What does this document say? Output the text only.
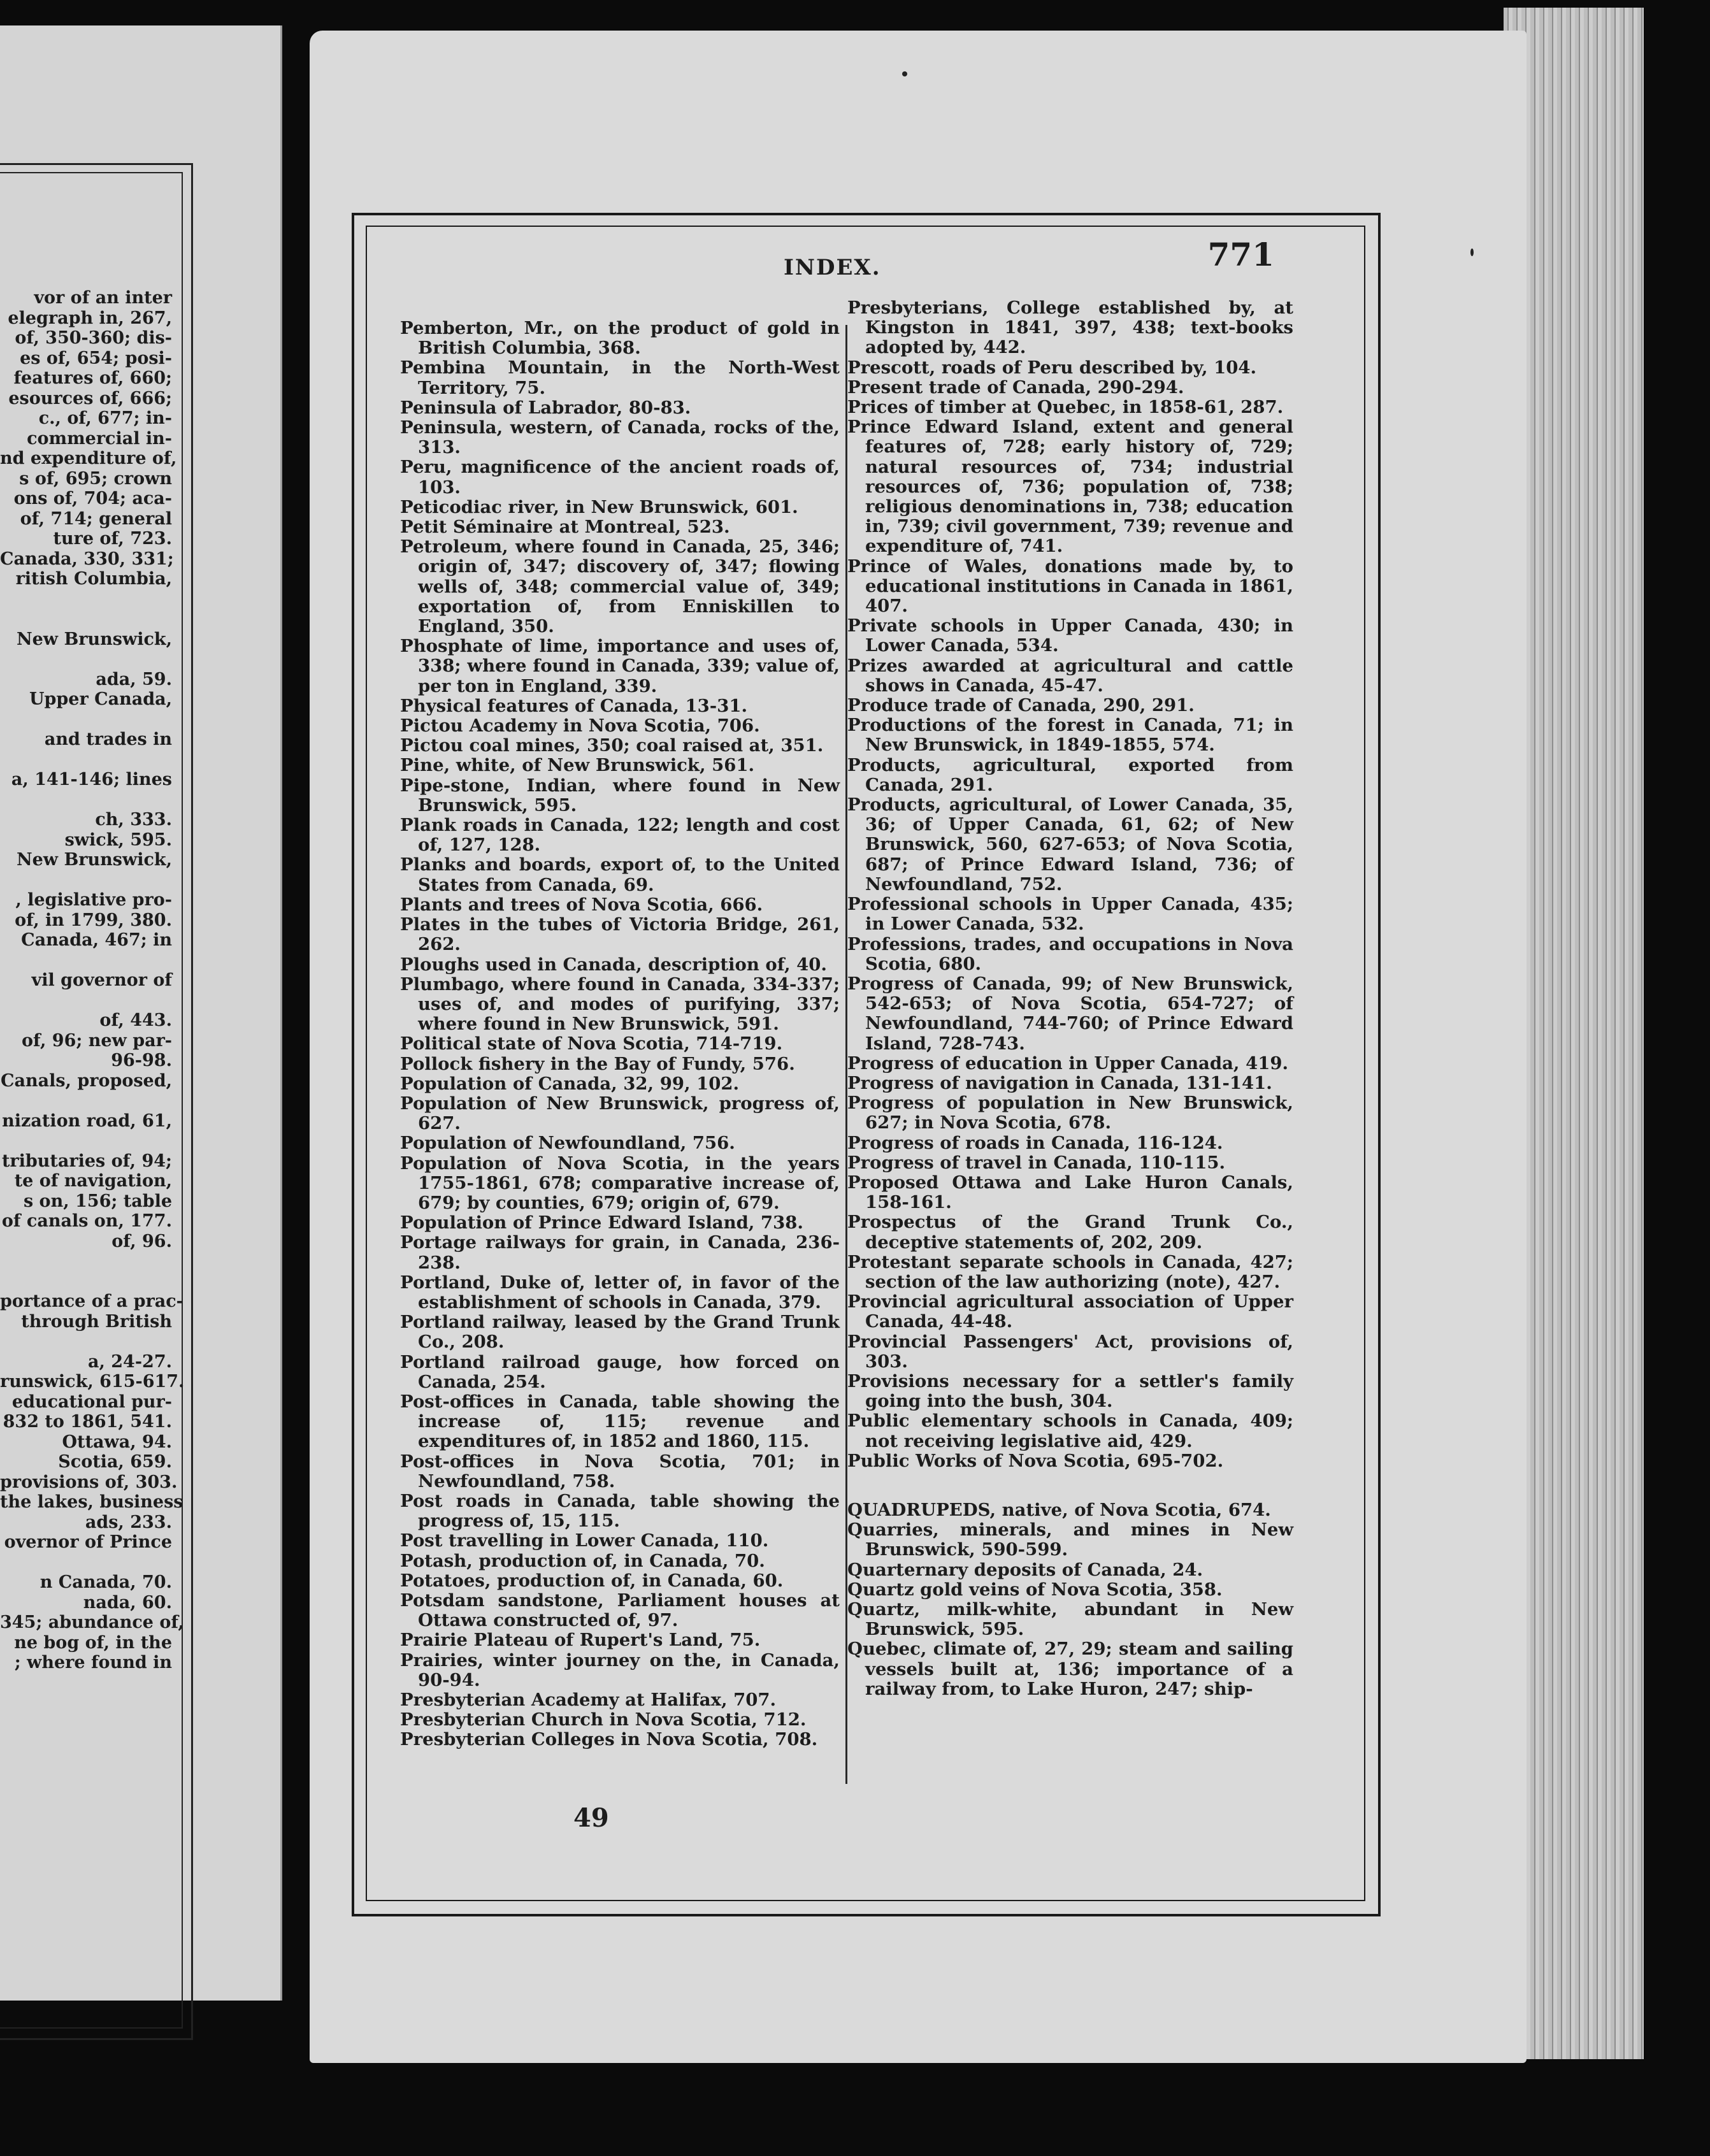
vor of an inter
elegraph in, 267,
of, 350-360; dis-
es of, 654; posi-
features of, 660;
esources of, 666;
c., of, 677; in-
commercial in-
nd expenditure of,
s of, 695; crown
ons of, 704; aca-
of, 714; general
ture of, 723.
Canada, 330, 331;
ritish Columbia,

New Brunswick,

ada, 59.
Upper Canada,

and trades in

a, 141-146; lines

ch, 333.
swick, 595.
New Brunswick,

, legislative pro-
of, in 1799, 380.
Canada, 467; in

vil governor of

of, 443.
of, 96; new par-
96-98.
Canals, proposed,

nization road, 61,

tributaries of, 94;
te of navigation,
s on, 156; table
of canals on, 177.
of, 96.

portance of a prac-
through British

a, 24-27.
runswick, 615-617.
educational pur-
832 to 1861, 541.
Ottawa, 94.
Scotia, 659.
provisions of, 303.
the lakes, business
ads, 233.
overnor of Prince

n Canada, 70.
nada, 60.
345; abundance of,
ne bog of, in the
; where found in
INDEX.	771
Pemberton, Mr., on the product of gold in British Columbia, 368.
Pembina Mountain, in the North-West Territory, 75.
Peninsula of Labrador, 80-83.
Peninsula, western, of Canada, rocks of the, 313.
Peru, magnificence of the ancient roads of, 103.
Peticodiac river, in New Brunswick, 601.
Petit Séminaire at Montreal, 523.
Petroleum, where found in Canada, 25, 346; origin of, 347; discovery of, 347; flowing wells of, 348; commercial value of, 349; exportation of, from Enniskillen to England, 350.
Phosphate of lime, importance and uses of, 338; where found in Canada, 339; value of, per ton in England, 339.
Physical features of Canada, 13-31.
Pictou Academy in Nova Scotia, 706.
Pictou coal mines, 350; coal raised at, 351.
Pine, white, of New Brunswick, 561.
Pipe-stone, Indian, where found in New Brunswick, 595.
Plank roads in Canada, 122; length and cost of, 127, 128.
Planks and boards, export of, to the United States from Canada, 69.
Plants and trees of Nova Scotia, 666.
Plates in the tubes of Victoria Bridge, 261, 262.
Ploughs used in Canada, description of, 40.
Plumbago, where found in Canada, 334-337; uses of, and modes of purifying, 337; where found in New Brunswick, 591.
Political state of Nova Scotia, 714-719.
Pollock fishery in the Bay of Fundy, 576.
Population of Canada, 32, 99, 102.
Population of New Brunswick, progress of, 627.
Population of Newfoundland, 756.
Population of Nova Scotia, in the years 1755-1861, 678; comparative increase of, 679; by counties, 679; origin of, 679.
Population of Prince Edward Island, 738.
Portage railways for grain, in Canada, 236-238.
Portland, Duke of, letter of, in favor of the establishment of schools in Canada, 379.
Portland railway, leased by the Grand Trunk Co., 208.
Portland railroad gauge, how forced on Canada, 254.
Post-offices in Canada, table showing the increase of, 115; revenue and expenditures of, in 1852 and 1860, 115.
Post-offices in Nova Scotia, 701; in Newfoundland, 758.
Post roads in Canada, table showing the progress of, 15, 115.
Post travelling in Lower Canada, 110.
Potash, production of, in Canada, 70.
Potatoes, production of, in Canada, 60.
Potsdam sandstone, Parliament houses at Ottawa constructed of, 97.
Prairie Plateau of Rupert's Land, 75.
Prairies, winter journey on the, in Canada, 90-94.
Presbyterian Academy at Halifax, 707.
Presbyterian Church in Nova Scotia, 712.
Presbyterian Colleges in Nova Scotia, 708.
Presbyterians, College established by, at Kingston in 1841, 397, 438; text-books adopted by, 442.
Prescott, roads of Peru described by, 104.
Present trade of Canada, 290-294.
Prices of timber at Quebec, in 1858-61, 287.
Prince Edward Island, extent and general features of, 728; early history of, 729; natural resources of, 734; industrial resources of, 736; population of, 738; religious denominations in, 738; education in, 739; civil government, 739; revenue and expenditure of, 741.
Prince of Wales, donations made by, to educational institutions in Canada in 1861, 407.
Private schools in Upper Canada, 430; in Lower Canada, 534.
Prizes awarded at agricultural and cattle shows in Canada, 45-47.
Produce trade of Canada, 290, 291.
Productions of the forest in Canada, 71; in New Brunswick, in 1849-1855, 574.
Products, agricultural, exported from Canada, 291.
Products, agricultural, of Lower Canada, 35, 36; of Upper Canada, 61, 62; of New Brunswick, 560, 627-653; of Nova Scotia, 687; of Prince Edward Island, 736; of Newfoundland, 752.
Professional schools in Upper Canada, 435; in Lower Canada, 532.
Professions, trades, and occupations in Nova Scotia, 680.
Progress of Canada, 99; of New Brunswick, 542-653; of Nova Scotia, 654-727; of Newfoundland, 744-760; of Prince Edward Island, 728-743.
Progress of education in Upper Canada, 419.
Progress of navigation in Canada, 131-141.
Progress of population in New Brunswick, 627; in Nova Scotia, 678.
Progress of roads in Canada, 116-124.
Progress of travel in Canada, 110-115.
Proposed Ottawa and Lake Huron Canals, 158-161.
Prospectus of the Grand Trunk Co., deceptive statements of, 202, 209.
Protestant separate schools in Canada, 427; section of the law authorizing (note), 427.
Provincial agricultural association of Upper Canada, 44-48.
Provincial Passengers' Act, provisions of, 303.
Provisions necessary for a settler's family going into the bush, 304.
Public elementary schools in Canada, 409; not receiving legislative aid, 429.
Public Works of Nova Scotia, 695-702.
QUADRUPEDS, native, of Nova Scotia, 674.
Quarries, minerals, and mines in New Brunswick, 590-599.
Quarternary deposits of Canada, 24.
Quartz gold veins of Nova Scotia, 358.
Quartz, milk-white, abundant in New Brunswick, 595.
Quebec, climate of, 27, 29; steam and sailing vessels built at, 136; importance of a railway from, to Lake Huron, 247; ship-
49
